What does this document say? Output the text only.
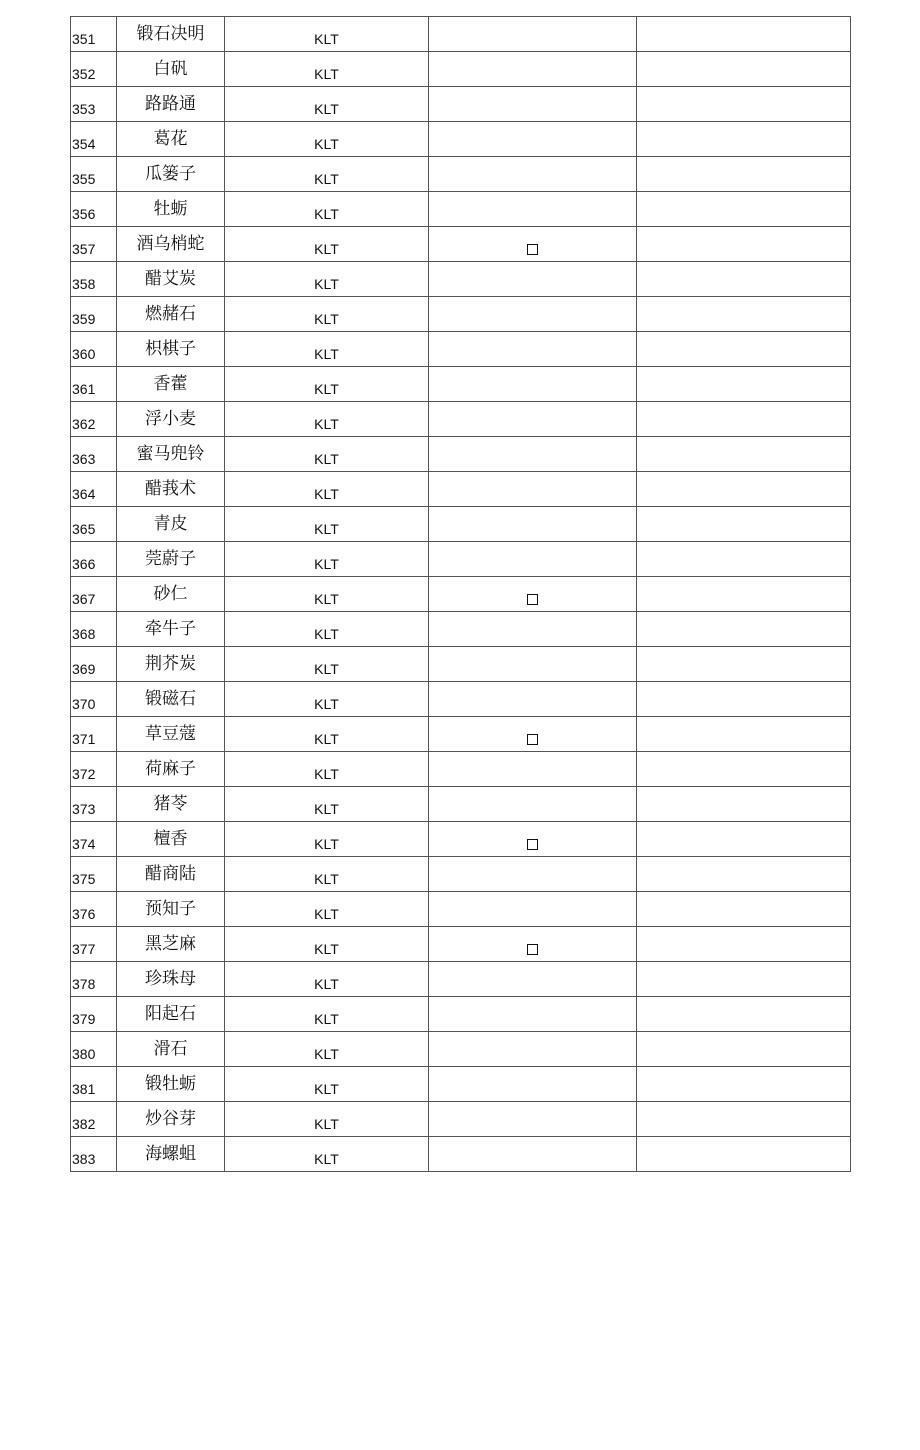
351	锻石决明	KLT		

352	白矾	KLT		

353	路路通	KLT		

354	葛花	KLT		

355	瓜篓子	KLT		

356	牡蛎	KLT		

357	酒乌梢蛇	KLT		

358	醋艾炭	KLT		

359	燃赭石	KLT		

360	枳棋子	KLT		

361	香藿	KLT		

362	浮小麦	KLT		

363	蜜马兜铃	KLT		

364	醋莪术	KLT		

365	青皮	KLT		

366	莞蔚子	KLT		

367	砂仁	KLT		

368	牵牛子	KLT		

369	荆芥炭	KLT		

370	锻磁石	KLT		

371	草豆蔻	KLT		

372	荷麻子	KLT		

373	猪苓	KLT		

374	檀香	KLT		

375	醋商陆	KLT		

376	预知子	KLT		

377	黑芝麻	KLT		

378	珍珠母	KLT		

379	阳起石	KLT		

380	滑石	KLT		

381	锻牡蛎	KLT		

382	炒谷芽	KLT		

383	海螺蛆	KLT		
